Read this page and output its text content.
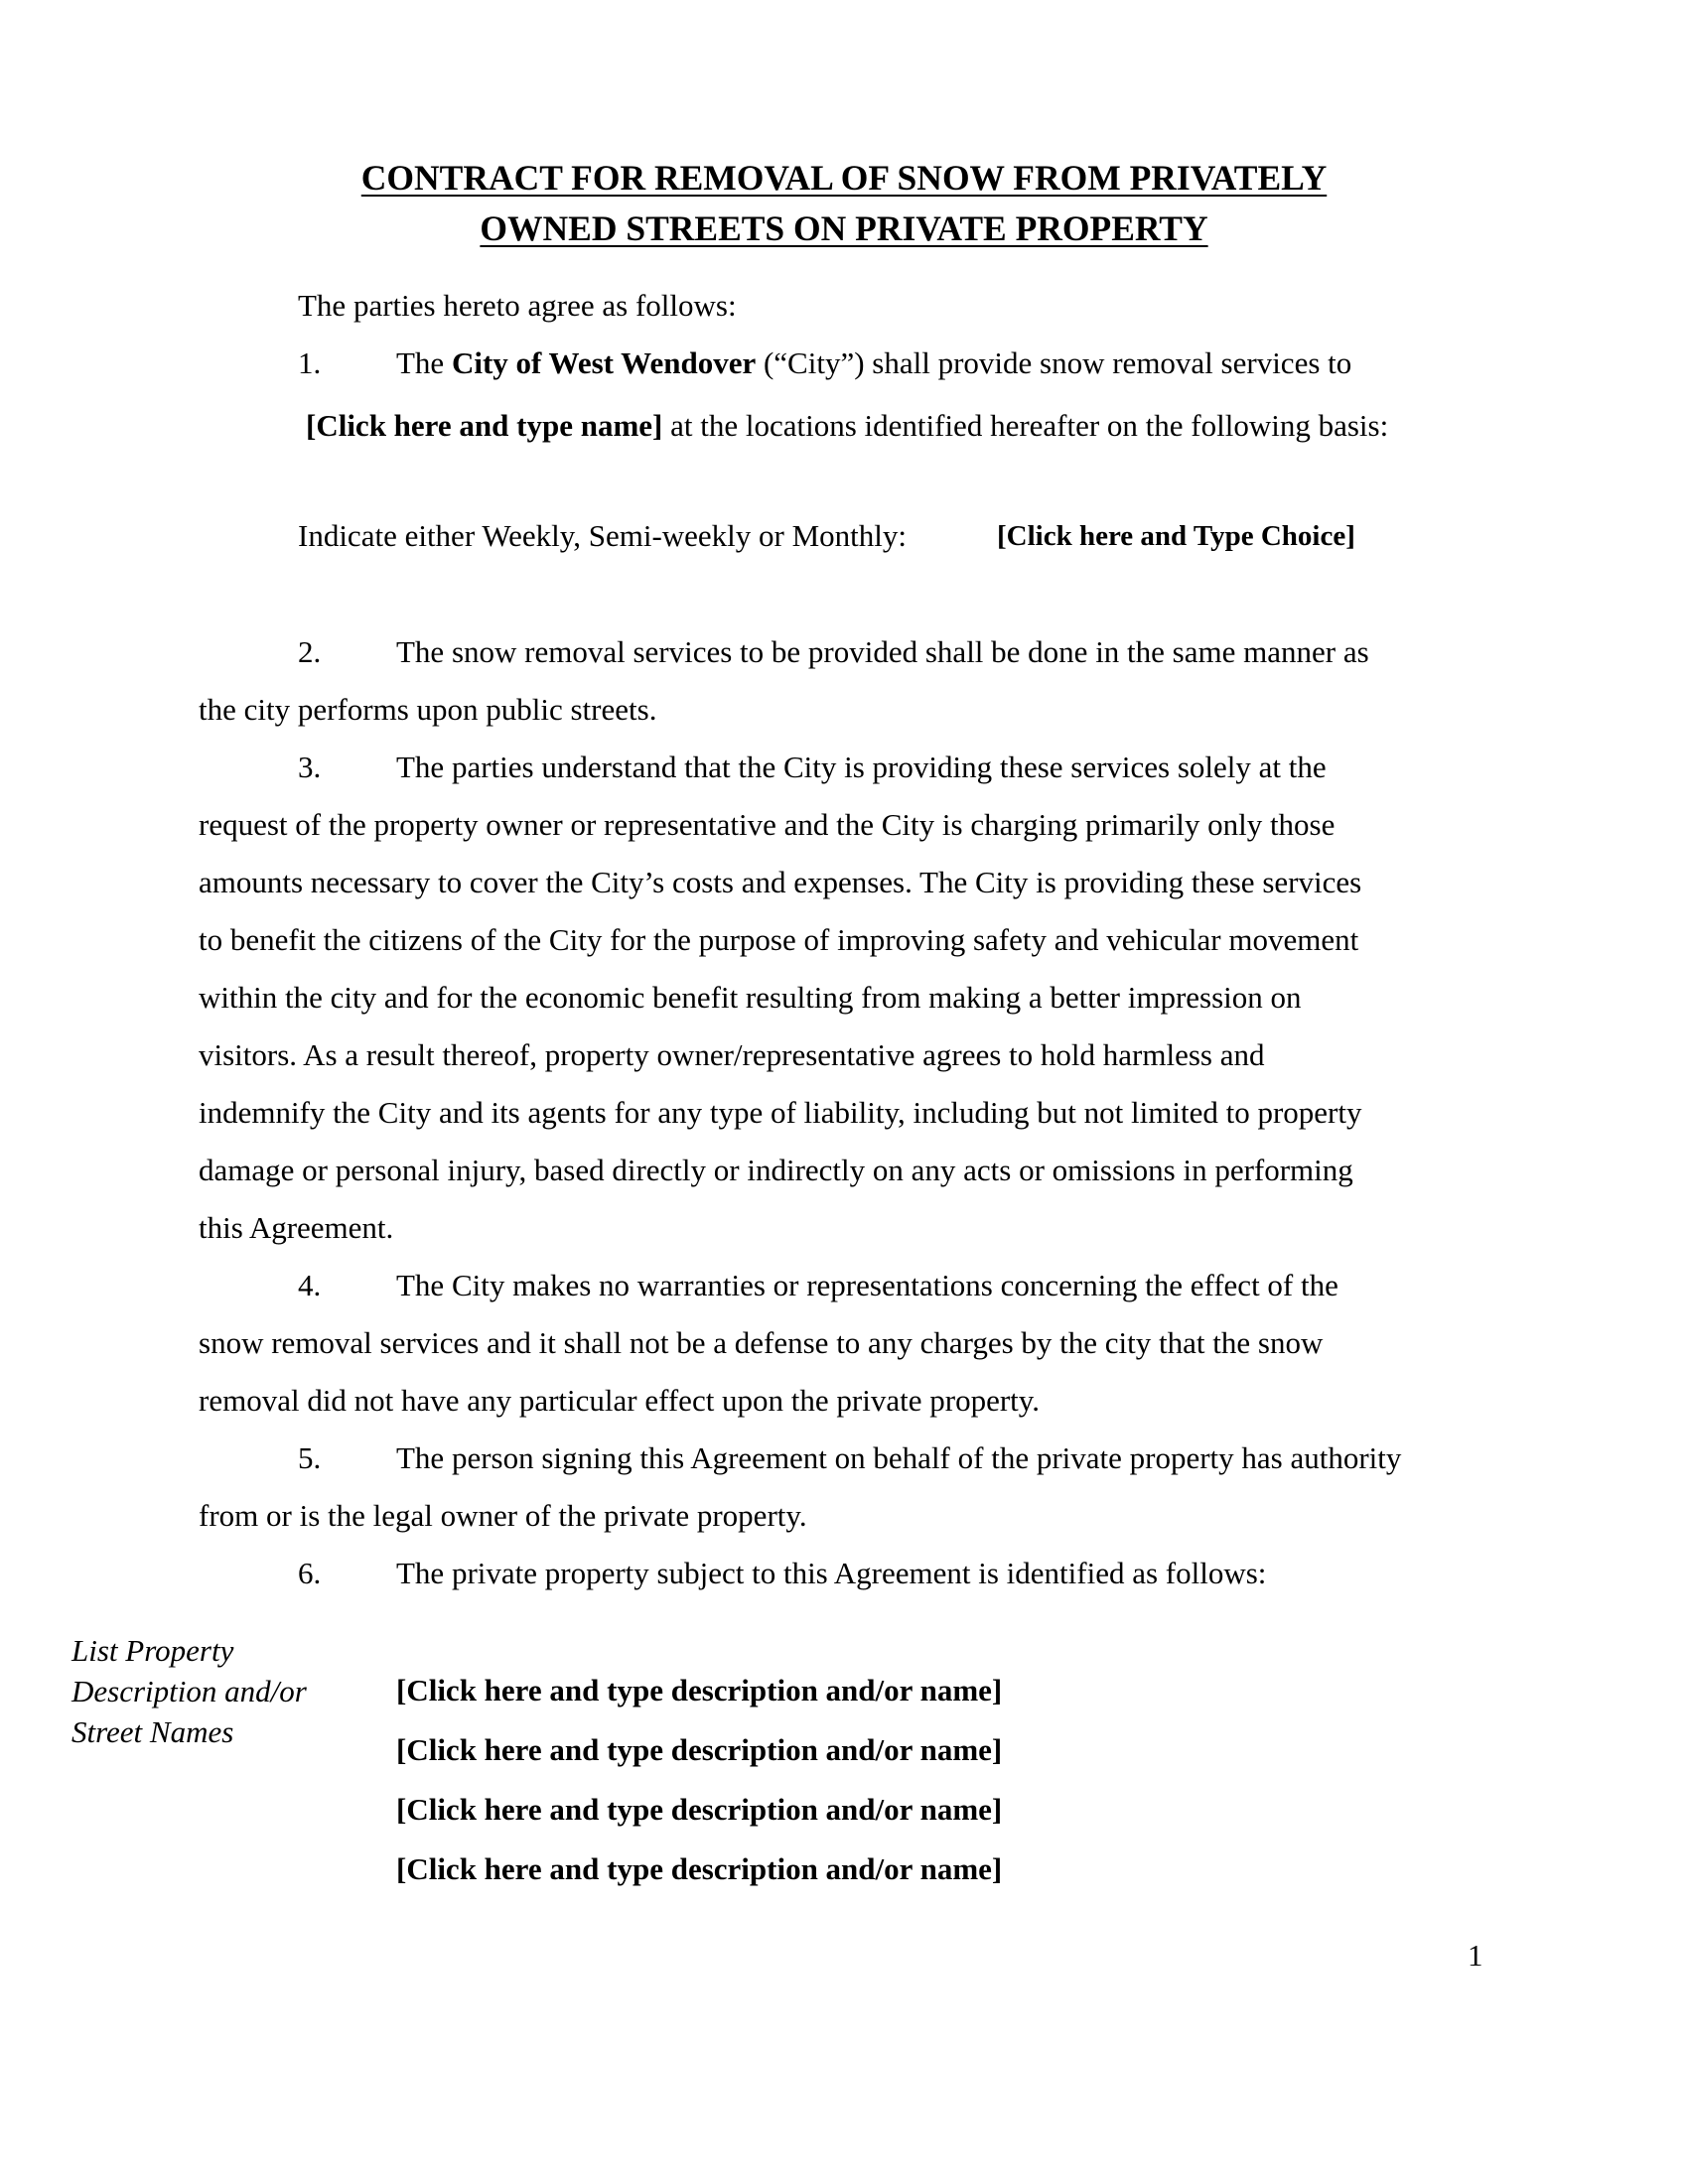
CONTRACT FOR REMOVAL OF SNOW FROM PRIVATELY
OWNED STREETS ON PRIVATE PROPERTY
The parties hereto agree as follows:
1. The City of West Wendover (“City”) shall provide snow removal services to
[Click here and type name] at the locations identified hereafter on the following basis:
Indicate either Weekly, Semi-weekly or Monthly:	[Click here and Type Choice]
2. The snow removal services to be provided shall be done in the same manner as
the city performs upon public streets.
3. The parties understand that the City is providing these services solely at the
request of the property owner or representative and the City is charging primarily only those
amounts necessary to cover the City’s costs and expenses. The City is providing these services
to benefit the citizens of the City for the purpose of improving safety and vehicular movement
within the city and for the economic benefit resulting from making a better impression on
visitors. As a result thereof, property owner/representative agrees to hold harmless and
indemnify the City and its agents for any type of liability, including but not limited to property
damage or personal injury, based directly or indirectly on any acts or omissions in performing
this Agreement.
4. The City makes no warranties or representations concerning the effect of the
snow removal services and it shall not be a defense to any charges by the city that the snow
removal did not have any particular effect upon the private property.
5. The person signing this Agreement on behalf of the private property has authority
from or is the legal owner of the private property.
6. The private property subject to this Agreement is identified as follows:
List Property
Description and/or
Street Names
[Click here and type description and/or name]
[Click here and type description and/or name]
[Click here and type description and/or name]
[Click here and type description and/or name]
1
